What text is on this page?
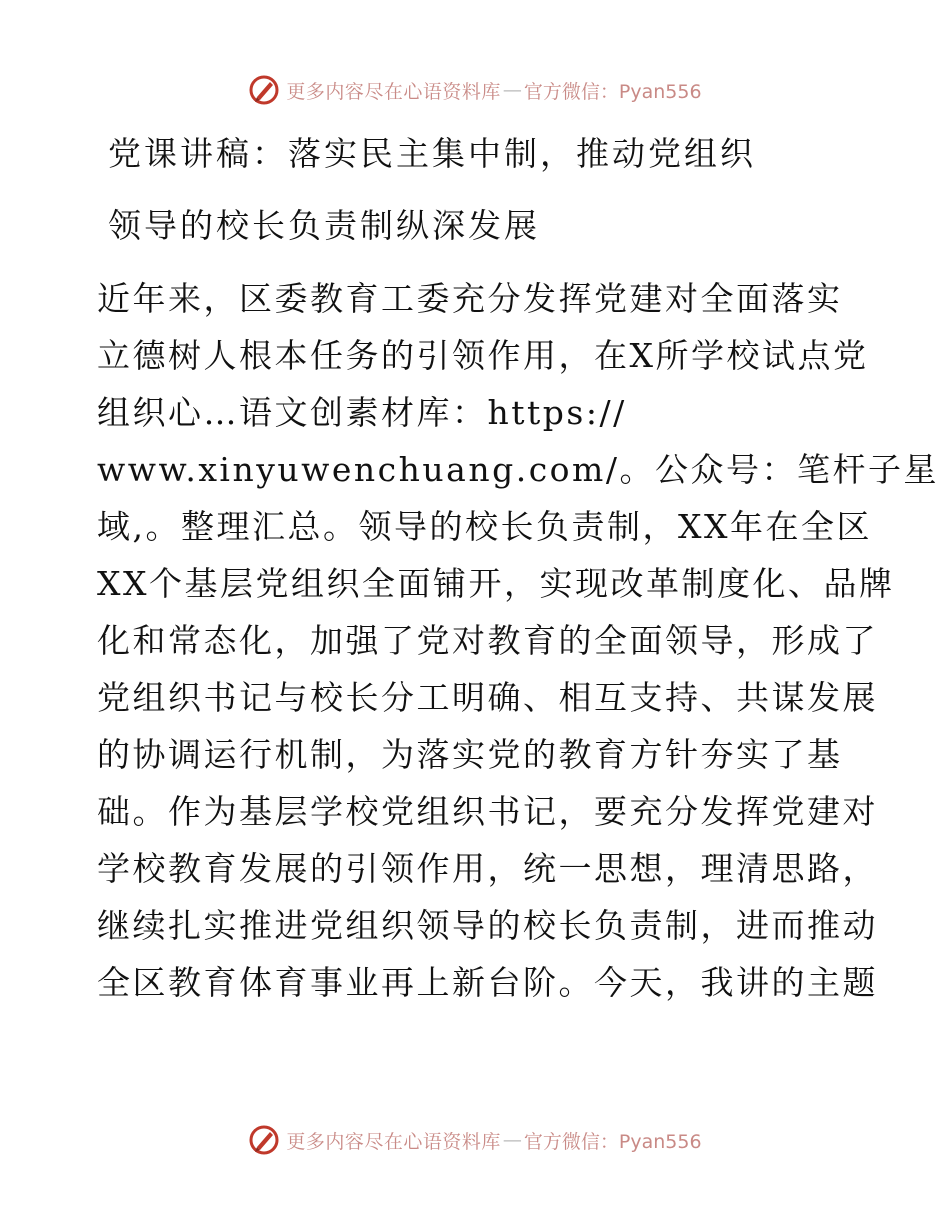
更多内容尽在心语资料库 — 官方微信：Pyan556
党课讲稿：落实民主集中制，推动党组织
领导的校长负责制纵深发展
近年来，区委教育工委充分发挥党建对全面落实
立德树人根本任务的引领作用，在X所学校试点党
组织心…语文创素材库：https://
www.xinyuwenchuang.com/。公众号：笔杆子星
域,。整理汇总。领导的校长负责制，XX年在全区
XX个基层党组织全面铺开，实现改革制度化、品牌
化和常态化，加强了党对教育的全面领导，形成了
党组织书记与校长分工明确、相互支持、共谋发展
的协调运行机制，为落实党的教育方针夯实了基
础。作为基层学校党组织书记，要充分发挥党建对
学校教育发展的引领作用，统一思想，理清思路，
继续扎实推进党组织领导的校长负责制，进而推动
全区教育体育事业再上新台阶。今天，我讲的主题
更多内容尽在心语资料库 — 官方微信：Pyan556
